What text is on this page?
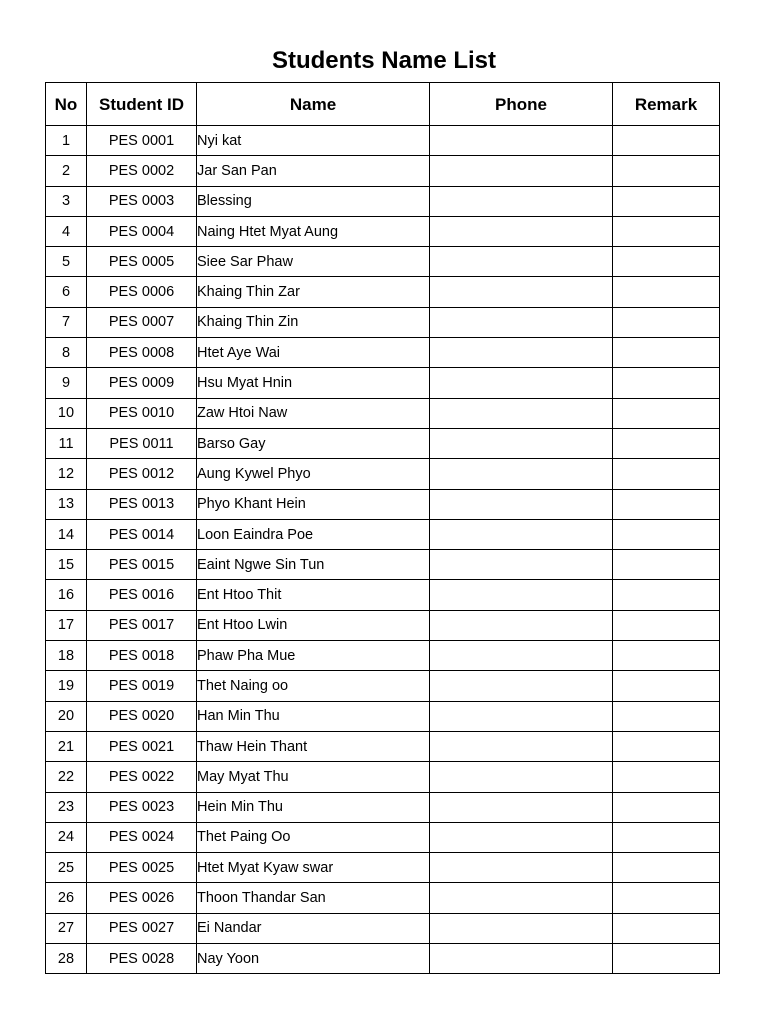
Students Name List
No	Student ID	Name	Phone	Remark
1	PES 0001	Nyi kat		
2	PES 0002	Jar San Pan		
3	PES 0003	Blessing		
4	PES 0004	Naing Htet Myat Aung		
5	PES 0005	Siee Sar Phaw		
6	PES 0006	Khaing Thin Zar		
7	PES 0007	Khaing Thin Zin		
8	PES 0008	Htet Aye Wai		
9	PES 0009	Hsu Myat Hnin		
10	PES 0010	Zaw Htoi Naw		
11	PES 0011	Barso Gay		
12	PES 0012	Aung Kywel Phyo		
13	PES 0013	Phyo Khant Hein		
14	PES 0014	Loon Eaindra Poe		
15	PES 0015	Eaint Ngwe Sin Tun		
16	PES 0016	Ent Htoo Thit		
17	PES 0017	Ent Htoo Lwin		
18	PES 0018	Phaw Pha Mue		
19	PES 0019	Thet Naing oo		
20	PES 0020	Han Min Thu		
21	PES 0021	Thaw Hein Thant		
22	PES 0022	May Myat Thu		
23	PES 0023	Hein Min Thu		
24	PES 0024	Thet Paing Oo		
25	PES 0025	Htet Myat Kyaw swar		
26	PES 0026	Thoon Thandar San		
27	PES 0027	Ei Nandar		
28	PES 0028	Nay Yoon		
